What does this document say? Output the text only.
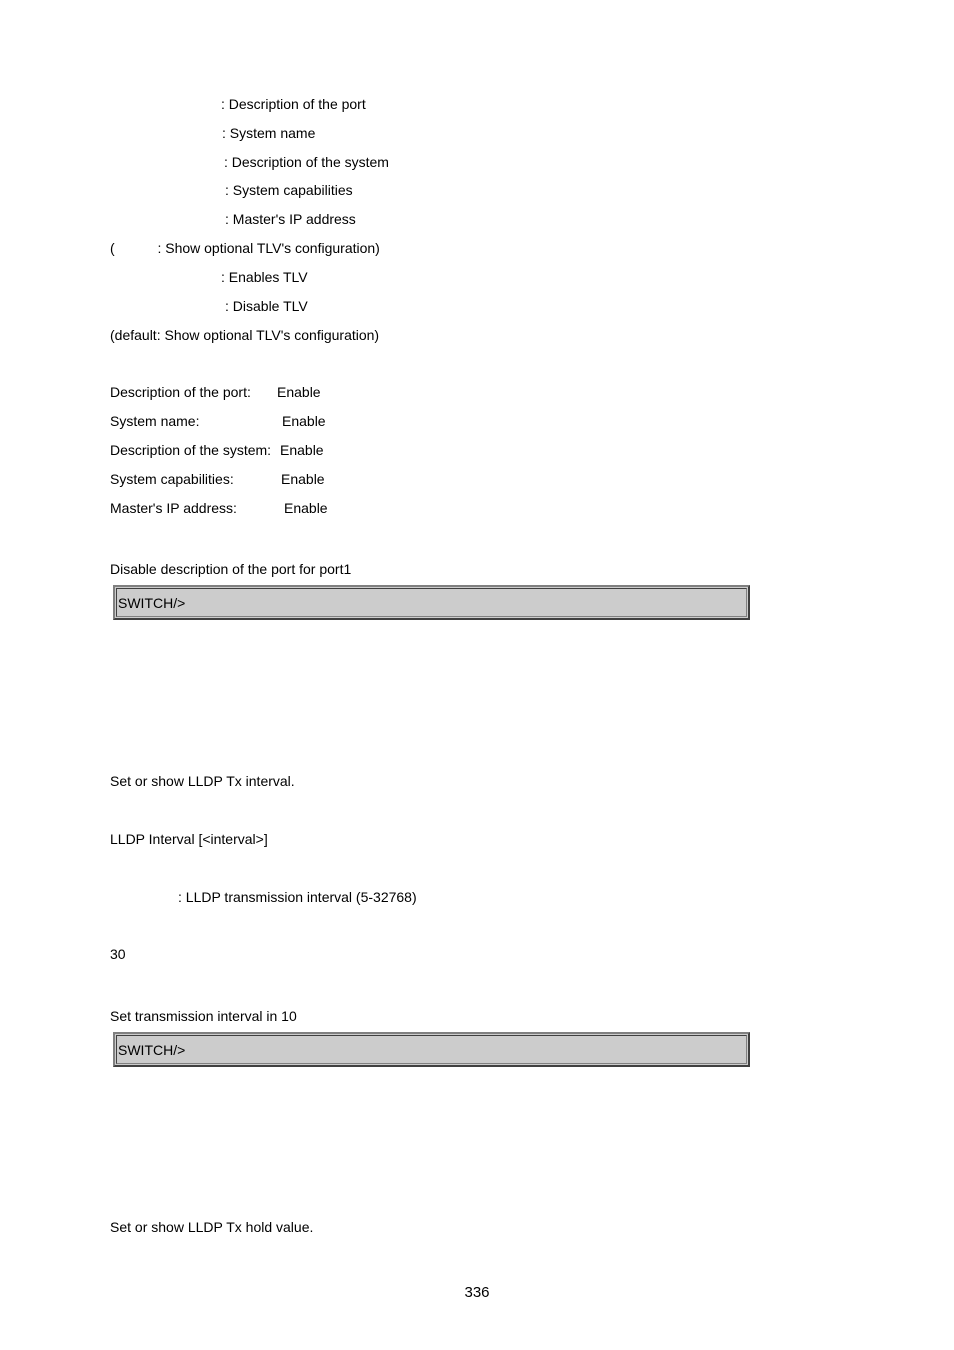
: Description of the port
: System name
: Description of the system
: System capabilities
: Master's IP address
(           : Show optional TLV's configuration)
: Enables TLV
: Disable TLV
(default: Show optional TLV's configuration)
Description of the port: Enable
System name:	Enable
Description of the system: Enable
System capabilities:	Enable
Master's IP address:	Enable
Disable description of the port for port1
SWITCH/>
Set or show LLDP Tx interval.
LLDP Interval [<interval>]
: LLDP transmission interval (5-32768)
30
Set transmission interval in 10
SWITCH/>
Set or show LLDP Tx hold value.
336
